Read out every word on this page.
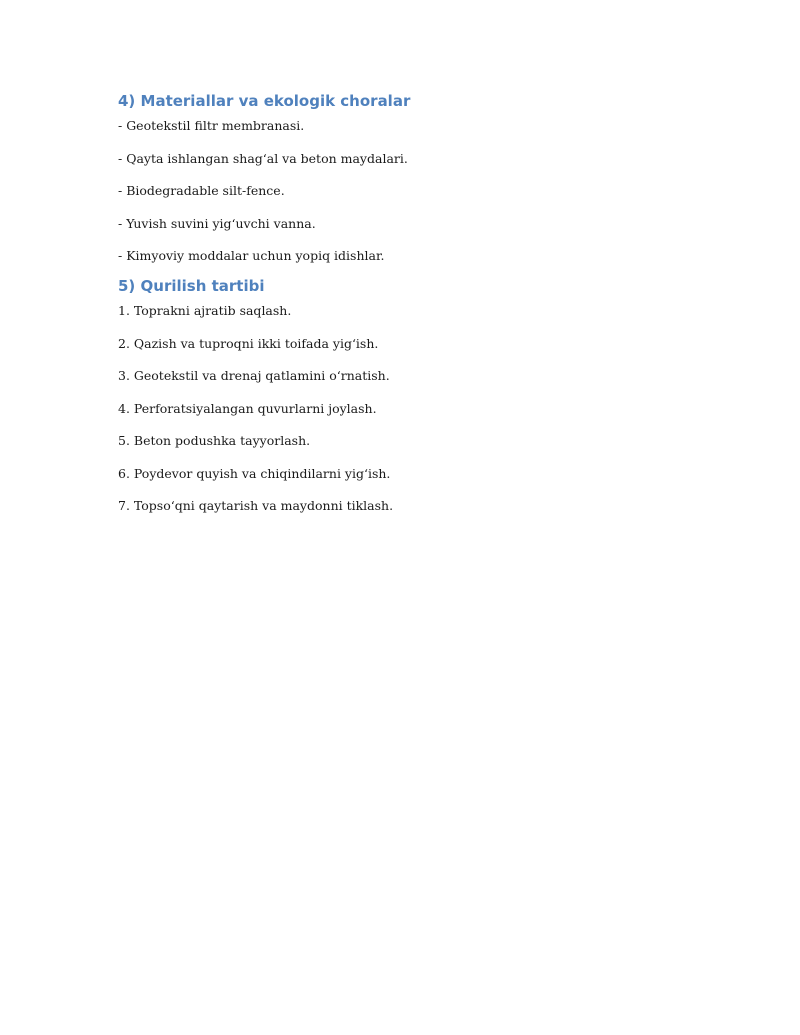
4) Materiallar va ekologik choralar

- Geotekstil filtr membranasi.

- Qayta ishlangan shag‘al va beton maydalari.

- Biodegradable silt-fence.

- Yuvish suvini yig‘uvchi vanna.

- Kimyoviy moddalar uchun yopiq idishlar.

5) Qurilish tartibi

1. Toprakni ajratib saqlash.

2. Qazish va tuproqni ikki toifada yig‘ish.

3. Geotekstil va drenaj qatlamini o‘rnatish.

4. Perforatsiyalangan quvurlarni joylash.

5. Beton podushka tayyorlash.

6. Poydevor quyish va chiqindilarni yig‘ish.

7. Topso‘qni qaytarish va maydonni tiklash.
